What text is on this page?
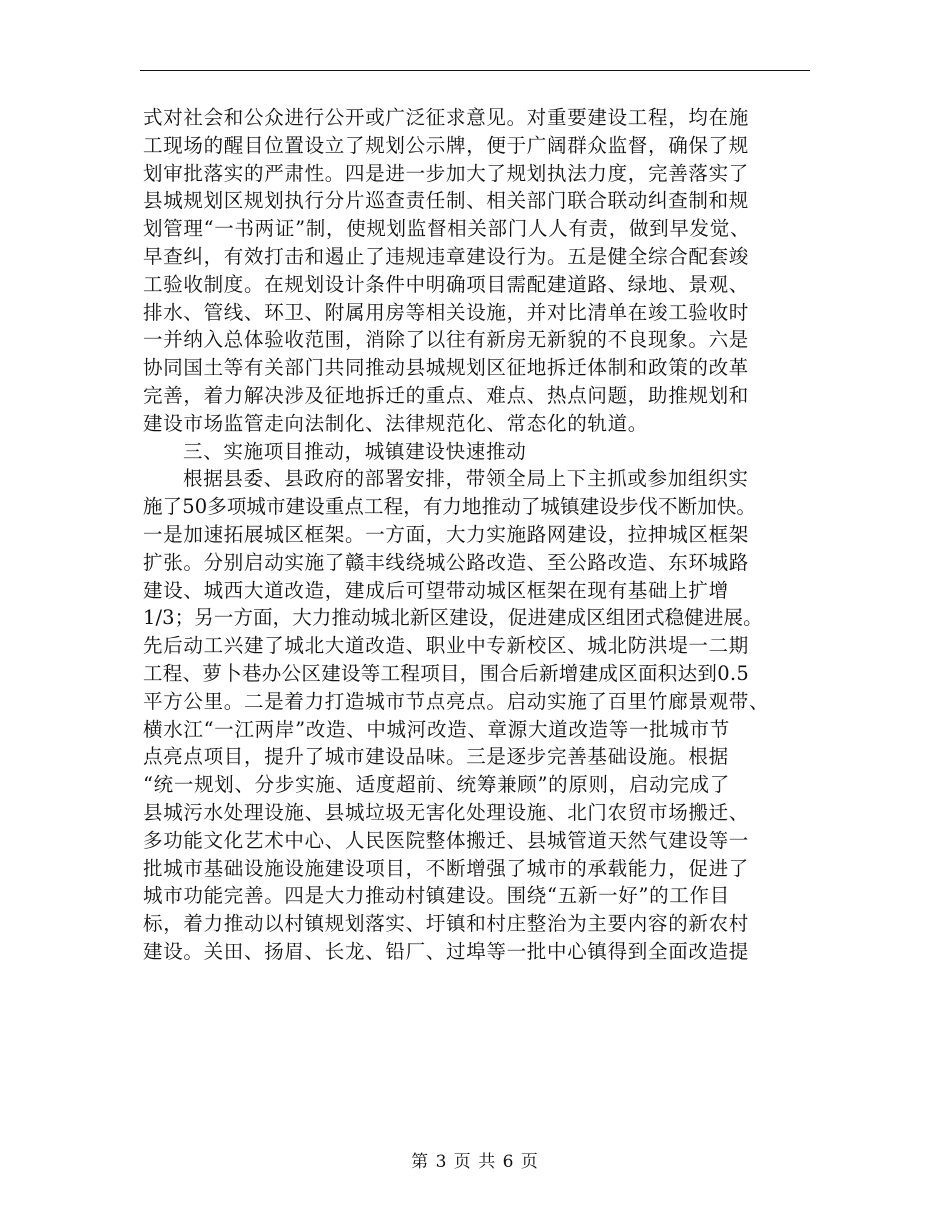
式对社会和公众进行公开或广泛征求意见。对重要建设工程，均在施
工现场的醒目位置设立了规划公示牌，便于广阔群众监督，确保了规
划审批落实的严肃性。四是进一步加大了规划执法力度，完善落实了
县城规划区规划执行分片巡查责任制、相关部门联合联动纠查制和规
划管理“一书两证”制，使规划监督相关部门人人有责，做到早发觉、
早查纠，有效打击和遏止了违规违章建设行为。五是健全综合配套竣
工验收制度。在规划设计条件中明确项目需配建道路、绿地、景观、
排水、管线、环卫、附属用房等相关设施，并对比清单在竣工验收时
一并纳入总体验收范围，消除了以往有新房无新貌的不良现象。六是
协同国土等有关部门共同推动县城规划区征地拆迁体制和政策的改革
完善，着力解决涉及征地拆迁的重点、难点、热点问题，助推规划和
建设市场监管走向法制化、法律规范化、常态化的轨道。
三、实施项目推动，城镇建设快速推动
根据县委、县政府的部署安排，带领全局上下主抓或参加组织实
施了50多项城市建设重点工程，有力地推动了城镇建设步伐不断加快。
一是加速拓展城区框架。一方面，大力实施路网建设，拉抻城区框架
扩张。分别启动实施了赣丰线绕城公路改造、至公路改造、东环城路
建设、城西大道改造，建成后可望带动城区框架在现有基础上扩增
1/3；另一方面，大力推动城北新区建设，促进建成区组团式稳健进展。
先后动工兴建了城北大道改造、职业中专新校区、城北防洪堤一二期
工程、萝卜巷办公区建设等工程项目，围合后新增建成区面积达到0.5
平方公里。二是着力打造城市节点亮点。启动实施了百里竹廊景观带、
横水江“一江两岸”改造、中城河改造、章源大道改造等一批城市节
点亮点项目，提升了城市建设品味。三是逐步完善基础设施。根据
“统一规划、分步实施、适度超前、统筹兼顾”的原则，启动完成了
县城污水处理设施、县城垃圾无害化处理设施、北门农贸市场搬迁、
多功能文化艺术中心、人民医院整体搬迁、县城管道天然气建设等一
批城市基础设施设施建设项目，不断增强了城市的承载能力，促进了
城市功能完善。四是大力推动村镇建设。围绕“五新一好”的工作目
标，着力推动以村镇规划落实、圩镇和村庄整治为主要内容的新农村
建设。关田、扬眉、长龙、铅厂、过埠等一批中心镇得到全面改造提
第 3 页 共 6 页
